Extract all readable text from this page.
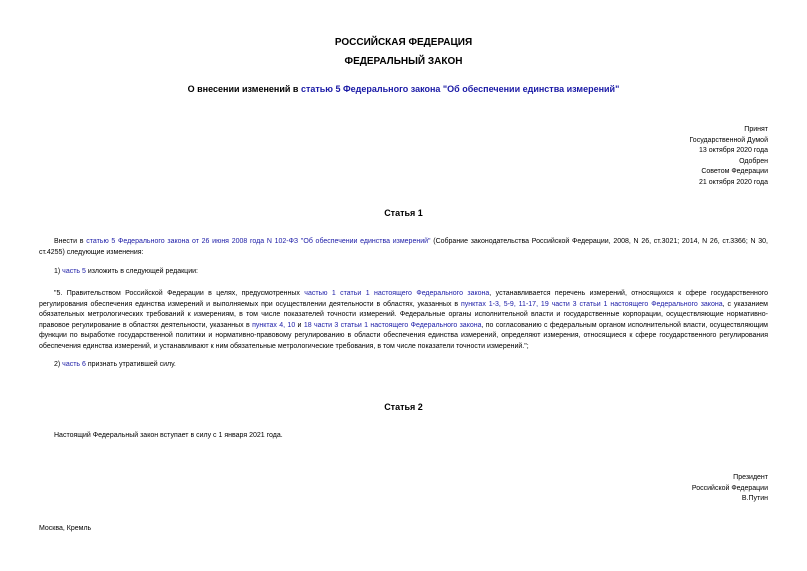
РОССИЙСКАЯ ФЕДЕРАЦИЯ
ФЕДЕРАЛЬНЫЙ ЗАКОН
О внесении изменений в статью 5 Федерального закона "Об обеспечении единства измерений"
Принят
Государственной Думой
13 октября 2020 года
Одобрен
Советом Федерации
21 октября 2020 года
Статья 1
Внести в статью 5 Федерального закона от 26 июня 2008 года N 102-ФЗ "Об обеспечении единства измерений" (Собрание законодательства Российской Федерации, 2008, N 26, ст.3021; 2014, N 26, ст.3366; N 30, ст.4255) следующие изменения:
1) часть 5 изложить в следующей редакции:
"5. Правительством Российской Федерации в целях, предусмотренных частью 1 статьи 1 настоящего Федерального закона, устанавливается перечень измерений, относящихся к сфере государственного регулирования обеспечения единства измерений и выполняемых при осуществлении деятельности в областях, указанных в пунктах 1-3, 5-9, 11-17, 19 части 3 статьи 1 настоящего Федерального закона, с указанием обязательных метрологических требований к измерениям, в том числе показателей точности измерений. Федеральные органы исполнительной власти и государственные корпорации, осуществляющие нормативно-правовое регулирование в областях деятельности, указанных в пунктах 4, 10 и 18 части 3 статьи 1 настоящего Федерального закона, по согласованию с федеральным органом исполнительной власти, осуществляющим функции по выработке государственной политики и нормативно-правовому регулированию в области обеспечения единства измерений, определяют измерения, относящиеся к сфере государственного регулирования обеспечения единства измерений, и устанавливают к ним обязательные метрологические требования, в том числе показатели точности измерений.";
2) часть 6 признать утратившей силу.
Статья 2
Настоящий Федеральный закон вступает в силу с 1 января 2021 года.
Президент
Российской Федерации
В.Путин
Москва, Кремль
